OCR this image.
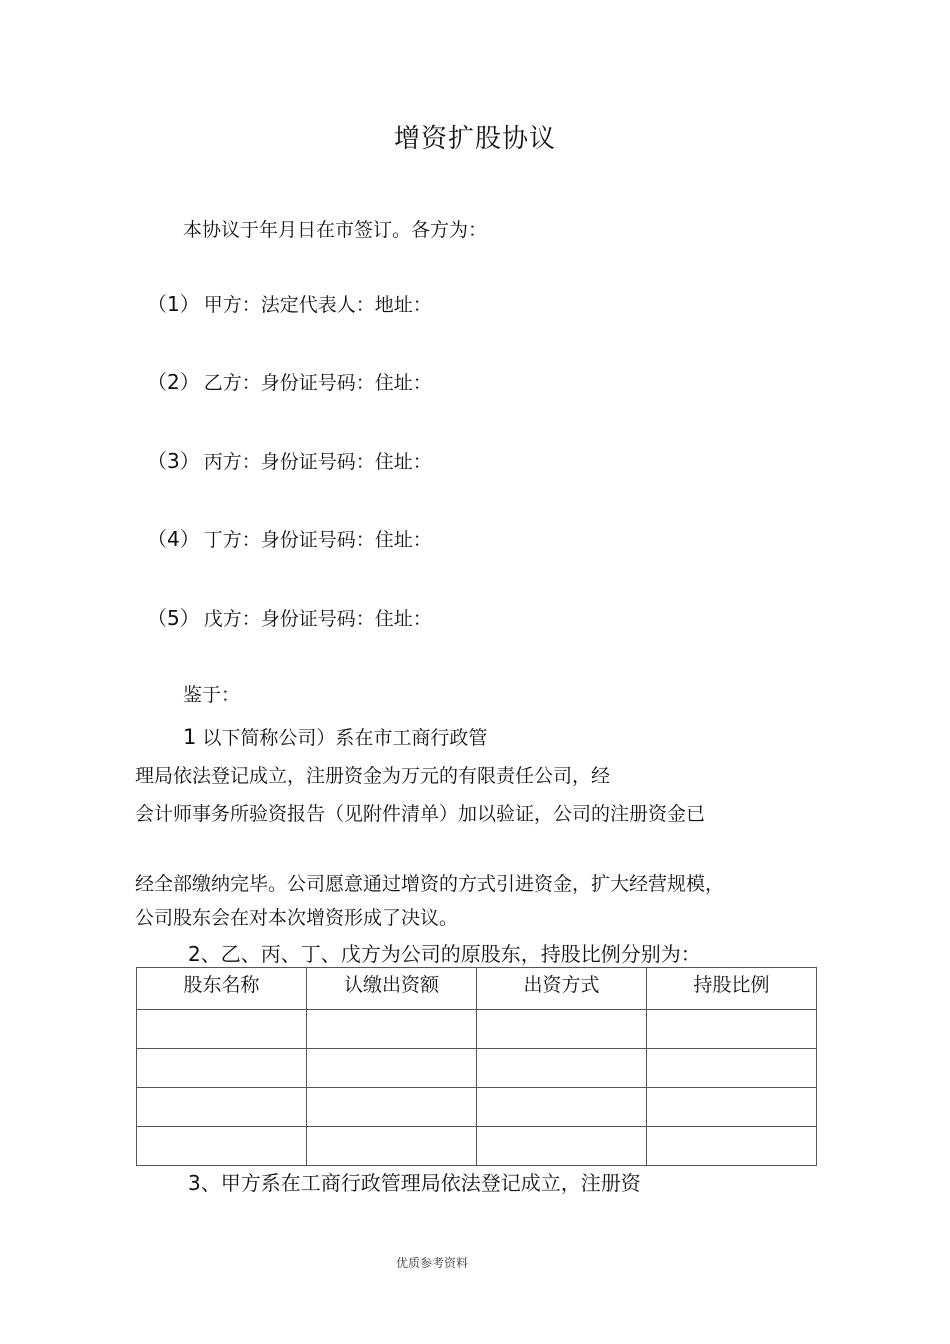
增资扩股协议
本协议于年月日在市签订。各方为：
（1） 甲方：法定代表人：地址：
（2） 乙方：身份证号码：住址：
（3） 丙方：身份证号码：住址：
（4） 丁方：身份证号码：住址：
（5） 戊方：身份证号码：住址：
鉴于：
1 以下简称公司）系在市工商行政管
理局依法登记成立，注册资金为万元的有限责任公司，经
会计师事务所验资报告（见附件清单）加以验证，公司的注册资金已
经全部缴纳完毕。公司愿意通过增资的方式引进资金，扩大经营规模，
公司股东会在对本次增资形成了决议。
2、乙、丙、丁、戊方为公司的原股东，持股比例分别为：
股东名称	认缴出资额	出资方式	持股比例

3、甲方系在工商行政管理局依法登记成立，注册资
优质参考资料
